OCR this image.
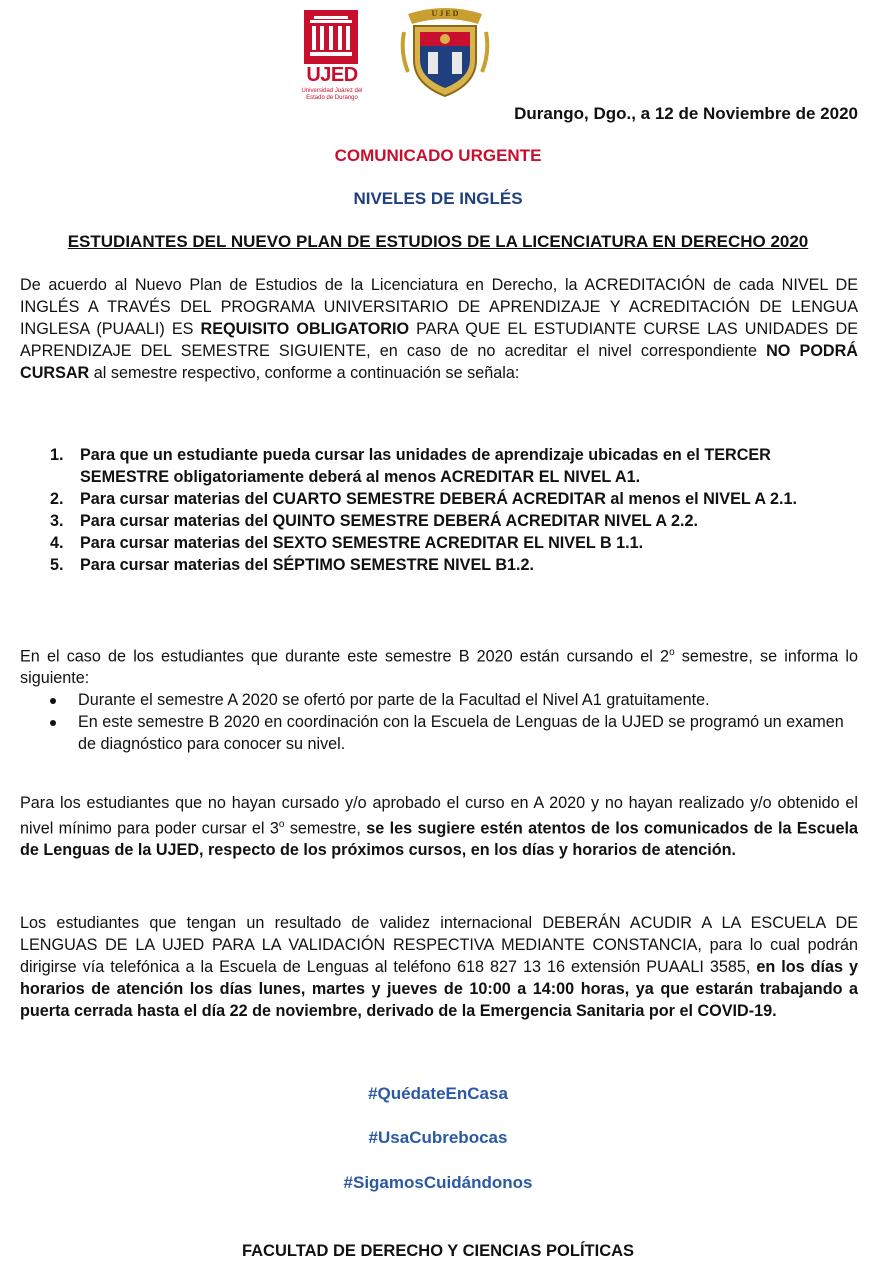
UJED
Universidad Juárez del Estado de Durango
U J E D
Durango, Dgo., a 12 de Noviembre de 2020
COMUNICADO URGENTE
NIVELES DE INGLÉS
ESTUDIANTES DEL NUEVO PLAN DE ESTUDIOS DE LA LICENCIATURA EN DERECHO 2020
De acuerdo al Nuevo Plan de Estudios de la Licenciatura en Derecho, la ACREDITACIÓN de cada NIVEL DE INGLÉS A TRAVÉS DEL PROGRAMA UNIVERSITARIO DE APRENDIZAJE Y ACREDITACIÓN DE LENGUA INGLESA (PUAALI) ES REQUISITO OBLIGATORIO PARA QUE EL ESTUDIANTE CURSE LAS UNIDADES DE APRENDIZAJE DEL SEMESTRE SIGUIENTE, en caso de no acreditar el nivel correspondiente NO PODRÁ CURSAR al semestre respectivo, conforme a continuación se señala:
1. Para que un estudiante pueda cursar las unidades de aprendizaje ubicadas en el TERCER SEMESTRE obligatoriamente deberá al menos ACREDITAR EL NIVEL A1.
2. Para cursar materias del CUARTO SEMESTRE DEBERÁ ACREDITAR al menos el NIVEL A 2.1.
3. Para cursar materias del QUINTO SEMESTRE DEBERÁ ACREDITAR NIVEL A 2.2.
4. Para cursar materias del SEXTO SEMESTRE ACREDITAR EL NIVEL B 1.1.
5. Para cursar materias del SÉPTIMO SEMESTRE NIVEL B1.2.
En el caso de los estudiantes que durante este semestre B 2020 están cursando el 2$^o$ semestre, se informa lo siguiente:
Durante el semestre A 2020 se ofertó por parte de la Facultad el Nivel A1 gratuitamente.
En este semestre B 2020 en coordinación con la Escuela de Lenguas de la UJED se programó un examen de diagnóstico para conocer su nivel.
Para los estudiantes que no hayan cursado y/o aprobado el curso en A 2020 y no hayan realizado y/o obtenido el nivel mínimo para poder cursar el 3$^o$ semestre, se les sugiere estén atentos de los comunicados de la Escuela de Lenguas de la UJED, respecto de los próximos cursos, en los días y horarios de atención.
Los estudiantes que tengan un resultado de validez internacional DEBERÁN ACUDIR A LA ESCUELA DE LENGUAS DE LA UJED PARA LA VALIDACIÓN RESPECTIVA MEDIANTE CONSTANCIA, para lo cual podrán dirigirse vía telefónica a la Escuela de Lenguas al teléfono 618 827 13 16 extensión PUAALI 3585, en los días y horarios de atención los días lunes, martes y jueves de 10:00 a 14:00 horas, ya que estarán trabajando a puerta cerrada hasta el día 22 de noviembre, derivado de la Emergencia Sanitaria por el COVID-19.
#QuédateEnCasa
#UsaCubrebocas
#SigamosCuidándonos
FACULTAD DE DERECHO Y CIENCIAS POLÍTICAS
